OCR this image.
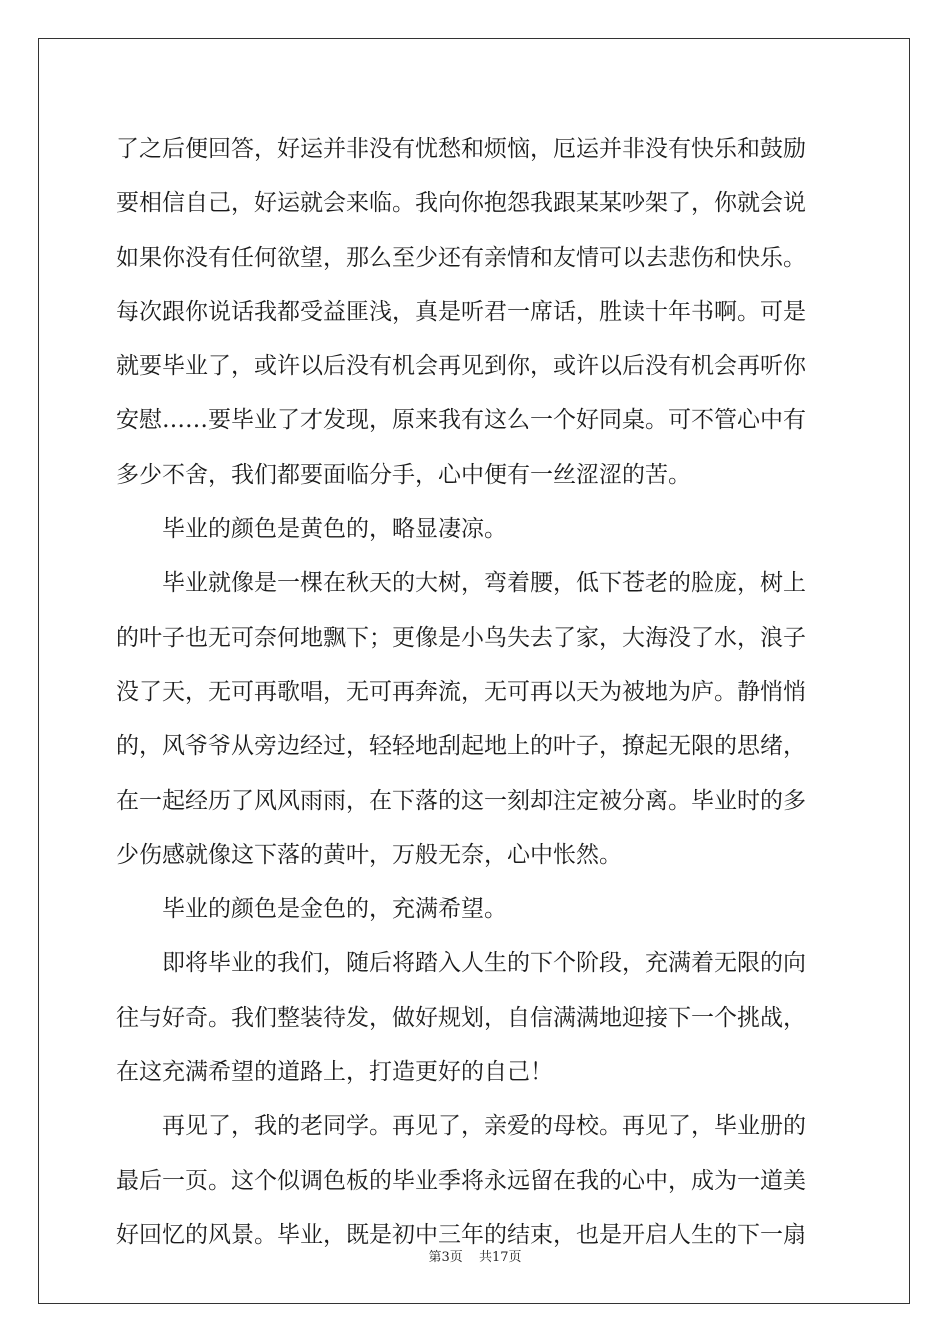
了之后便回答，好运并非没有忧愁和烦恼，厄运并非没有快乐和鼓励
要相信自己，好运就会来临。我向你抱怨我跟某某吵架了，你就会说
如果你没有任何欲望，那么至少还有亲情和友情可以去悲伤和快乐。
每次跟你说话我都受益匪浅，真是听君一席话，胜读十年书啊。可是
就要毕业了，或许以后没有机会再见到你，或许以后没有机会再听你
安慰……要毕业了才发现，原来我有这么一个好同桌。可不管心中有
多少不舍，我们都要面临分手，心中便有一丝涩涩的苦。
毕业的颜色是黄色的，略显凄凉。
毕业就像是一棵在秋天的大树，弯着腰，低下苍老的脸庞，树上
的叶子也无可奈何地飘下；更像是小鸟失去了家，大海没了水，浪子
没了天，无可再歌唱，无可再奔流，无可再以天为被地为庐。静悄悄
的，风爷爷从旁边经过，轻轻地刮起地上的叶子，撩起无限的思绪，
在一起经历了风风雨雨，在下落的这一刻却注定被分离。毕业时的多
少伤感就像这下落的黄叶，万般无奈，心中怅然。
毕业的颜色是金色的，充满希望。
即将毕业的我们，随后将踏入人生的下个阶段，充满着无限的向
往与好奇。我们整装待发，做好规划，自信满满地迎接下一个挑战，
在这充满希望的道路上，打造更好的自己！
再见了，我的老同学。再见了，亲爱的母校。再见了，毕业册的
最后一页。这个似调色板的毕业季将永远留在我的心中，成为一道美
好回忆的风景。毕业，既是初中三年的结束，也是开启人生的下一扇
第3页 共17页
